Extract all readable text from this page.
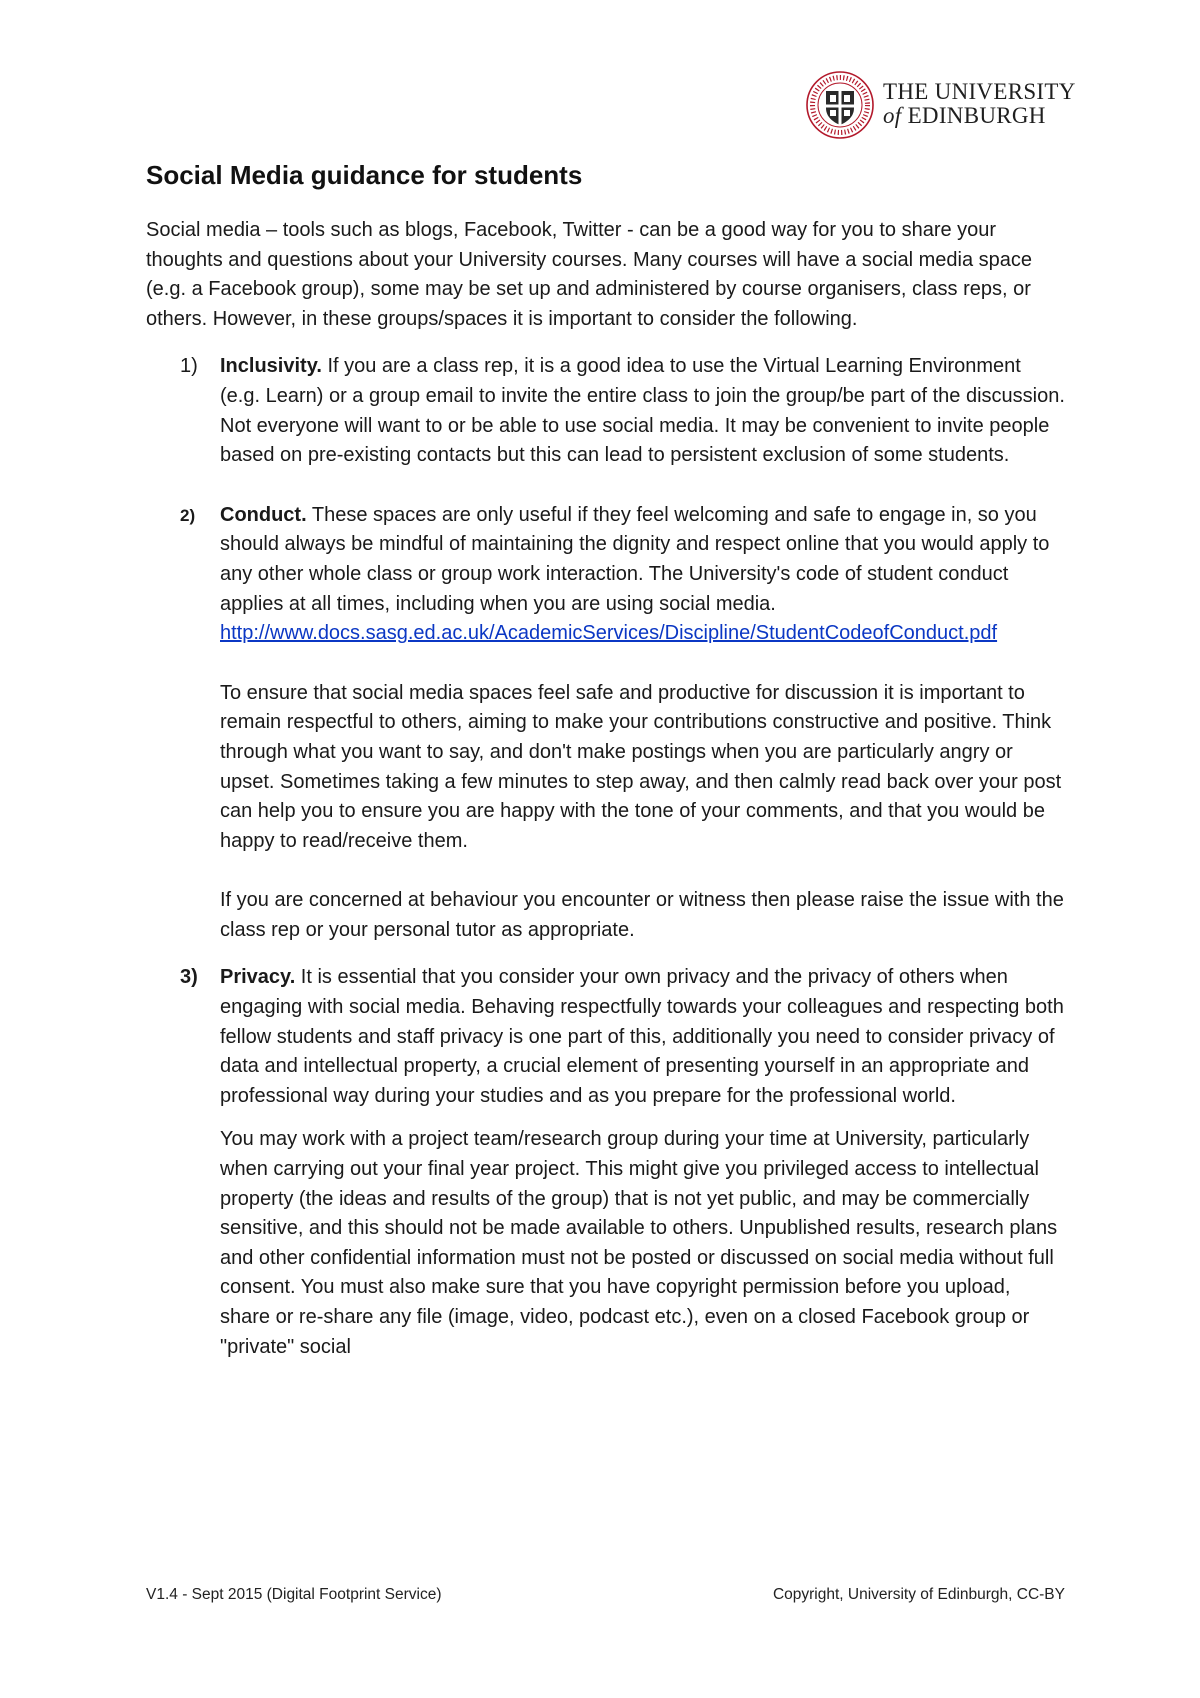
THE UNIVERSITY
of EDINBURGH
Social Media guidance for students

Social media – tools such as blogs, Facebook, Twitter - can be a good way for you to share your thoughts and questions about your University courses. Many courses will have a social media space (e.g. a Facebook group), some may be set up and administered by course organisers, class reps, or others. However, in these groups/spaces it is important to consider the following.

1) Inclusivity. If you are a class rep, it is a good idea to use the Virtual Learning Environment (e.g. Learn) or a group email to invite the entire class to join the group/be part of the discussion. Not everyone will want to or be able to use social media. It may be convenient to invite people based on pre-existing contacts but this can lead to persistent exclusion of some students.

2) Conduct. These spaces are only useful if they feel welcoming and safe to engage in, so you should always be mindful of maintaining the dignity and respect online that you would apply to any other whole class or group work interaction. The University's code of student conduct applies at all times, including when you are using social media.
http://www.docs.sasg.ed.ac.uk/AcademicServices/Discipline/StudentCodeofConduct.pdf

To ensure that social media spaces feel safe and productive for discussion it is important to remain respectful to others, aiming to make your contributions constructive and positive. Think through what you want to say, and don't make postings when you are particularly angry or upset. Sometimes taking a few minutes to step away, and then calmly read back over your post can help you to ensure you are happy with the tone of your comments, and that you would be happy to read/receive them.

If you are concerned at behaviour you encounter or witness then please raise the issue with the class rep or your personal tutor as appropriate.

3) Privacy. It is essential that you consider your own privacy and the privacy of others when engaging with social media. Behaving respectfully towards your colleagues and respecting both fellow students and staff privacy is one part of this, additionally you need to consider privacy of data and intellectual property, a crucial element of presenting yourself in an appropriate and professional way during your studies and as you prepare for the professional world.

You may work with a project team/research group during your time at University, particularly when carrying out your final year project. This might give you privileged access to intellectual property (the ideas and results of the group) that is not yet public, and may be commercially sensitive, and this should not be made available to others. Unpublished results, research plans and other confidential information must not be posted or discussed on social media without full consent. You must also make sure that you have copyright permission before you upload, share or re-share any file (image, video, podcast etc.), even on a closed Facebook group or "private" social

V1.4 - Sept 2015 (Digital Footprint Service)	Copyright, University of Edinburgh, CC-BY
